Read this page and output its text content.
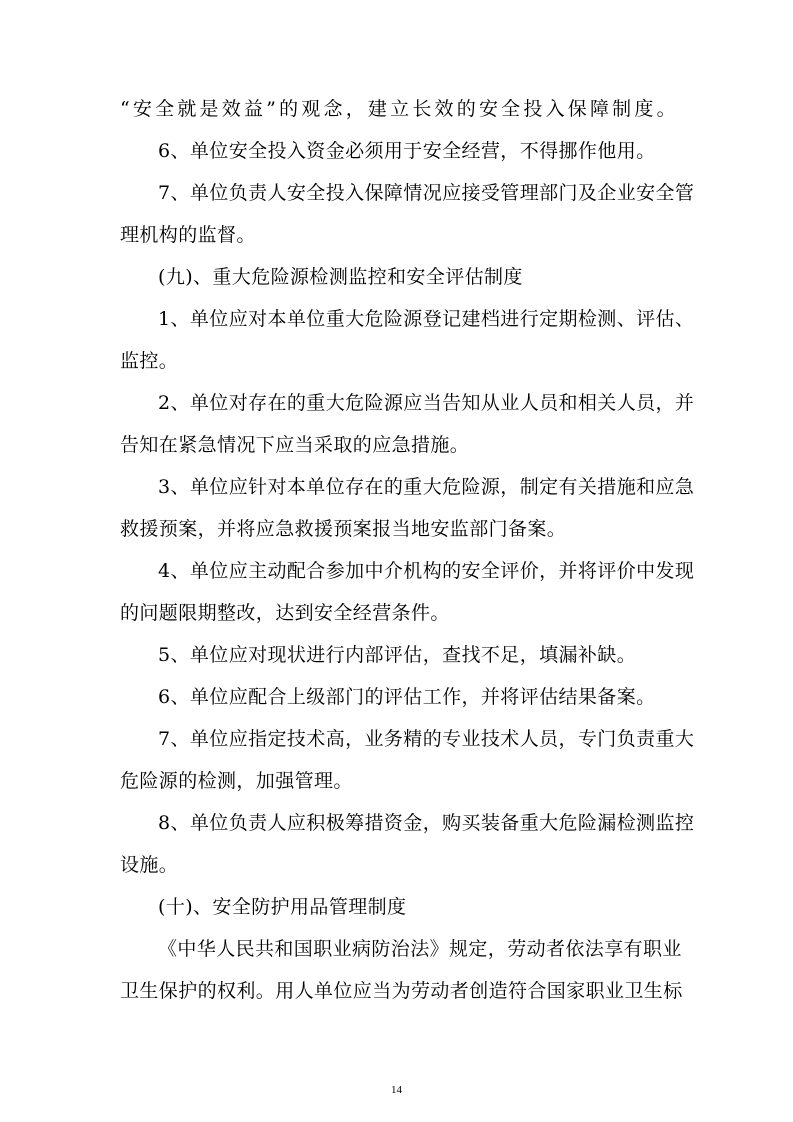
“安全就是效益”的观念，建立长效的安全投入保障制度。
6、单位安全投入资金必须用于安全经营，不得挪作他用。
7、单位负责人安全投入保障情况应接受管理部门及企业安全管
理机构的监督。
(九)、重大危险源检测监控和安全评估制度
1、单位应对本单位重大危险源登记建档进行定期检测、评估、
监控。
2、单位对存在的重大危险源应当告知从业人员和相关人员，并
告知在紧急情况下应当采取的应急措施。
3、单位应针对本单位存在的重大危险源，制定有关措施和应急
救援预案，并将应急救援预案报当地安监部门备案。
4、单位应主动配合参加中介机构的安全评价，并将评价中发现
的问题限期整改，达到安全经营条件。
5、单位应对现状进行内部评估，查找不足，填漏补缺。
6、单位应配合上级部门的评估工作，并将评估结果备案。
7、单位应指定技术高，业务精的专业技术人员，专门负责重大
危险源的检测，加强管理。
8、单位负责人应积极筹措资金，购买装备重大危险漏检测监控
设施。
(十)、安全防护用品管理制度
《中华人民共和国职业病防治法》规定，劳动者依法享有职业
卫生保护的权利。用人单位应当为劳动者创造符合国家职业卫生标
14
